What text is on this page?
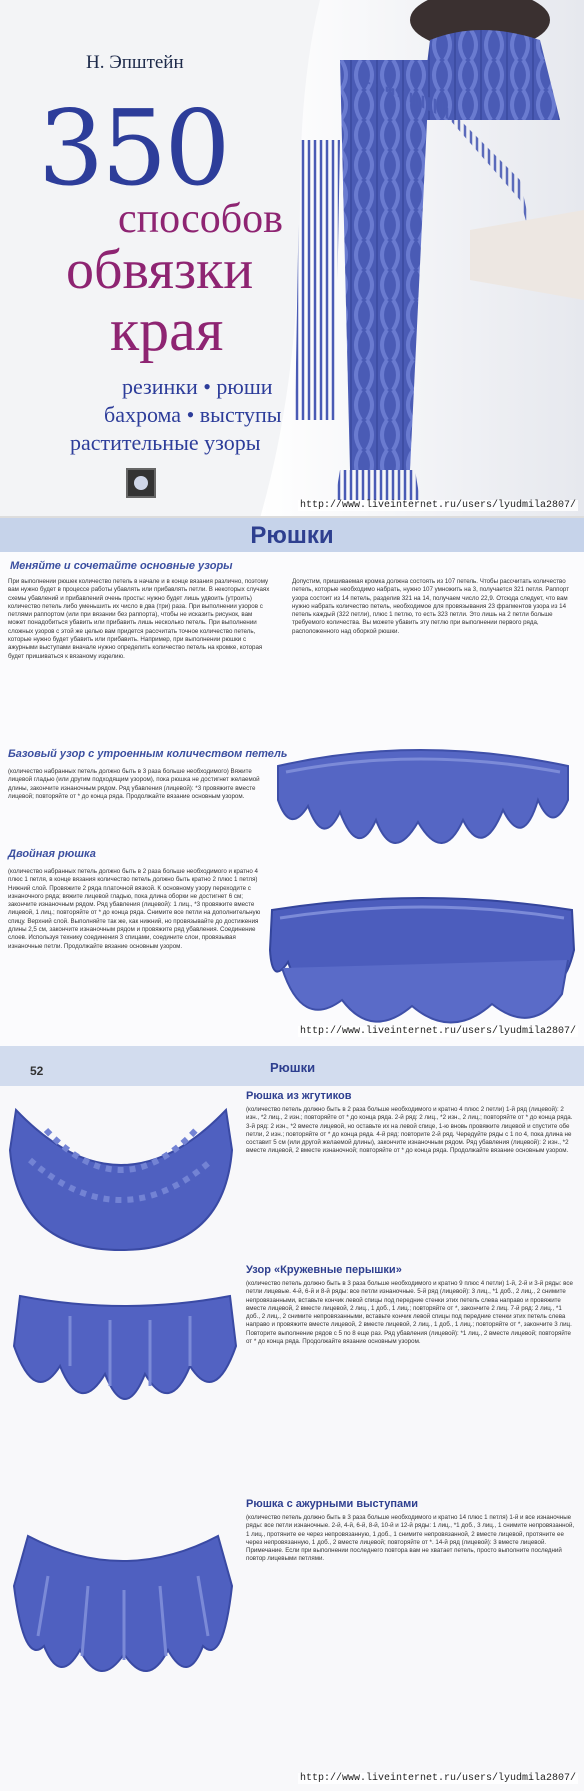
Н. Эпштейн
350
способов
обвязки
края
резинки • рюши
бахрома • выступы
растительные узоры
http://www.liveinternet.ru/users/lyudmila2807/
Рюшки
Меняйте и сочетайте основные узоры
При выполнении рюшек количество петель в начале и в конце вязания различно, поэтому вам нужно будет в процессе работы убавлять или прибавлять петли. В некоторых случаях схемы убавлений и прибавлений очень просты: нужно будет лишь удвоить (утроить) количество петель либо уменьшить их число в два (три) раза. При выполнении узоров с петлями раппортом (или при вязании без раппорта), чтобы не исказить рисунок, вам может понадобиться убавить или прибавить лишь несколько петель. При выполнении сложных узоров с этой же целью вам придется рассчитать точное количество петель, которые нужно будет убавить или прибавить. Например, при выполнении рюшки с ажурными выступами вначале нужно определить количество петель на кромке, которая будет пришиваться к вязаному изделию.
Допустим, пришиваемая кромка должна состоять из 107 петель. Чтобы рассчитать количество петель, которые необходимо набрать, нужно 107 умножить на 3, получается 321 петля. Раппорт узора состоит из 14 петель, разделив 321 на 14, получаем число 22,9. Отсюда следует, что вам нужно набрать количество петель, необходимое для провязывания 23 фрагментов узора из 14 петель каждый (322 петли), плюс 1 петлю, то есть 323 петли. Это лишь на 2 петли больше требуемого количества. Вы можете убавить эту петлю при выполнении первого ряда, расположенного над оборкой рюшки.
Базовый узор с утроенным количеством петель
(количество набранных петель должно быть в 3 раза больше необходимого) Вяжите лицевой гладью (или другим подходящим узором), пока рюшка не достигнет желаемой длины, закончите изнаночным рядом. Ряд убавления (лицевой): *3 провяжите вместе лицевой; повторяйте от * до конца ряда. Продолжайте вязание основным узором.
Двойная рюшка
(количество набранных петель должно быть в 2 раза больше необходимого и кратно 4 плюс 1 петля, в конце вязания количество петель должно быть кратно 2 плюс 1 петля) Нижний слой. Провяжите 2 ряда платочной вязкой. К основному узору переходите с изнаночного ряда; вяжите лицевой гладью, пока длина оборки не достигнет 6 см; закончите изнаночным рядом. Ряд убавления (лицевой): 1 лиц., *3 провяжите вместе лицевой, 1 лиц.; повторяйте от * до конца ряда. Снимите все петли на дополнительную спицу. Верхний слой. Выполняйте так же, как нижний, но провязывайте до достижения длины 2,5 см, закончите изнаночным рядом и провяжите ряд убавления. Соединение слоев. Используя технику соединения 3 спицами, соедините слои, провязывая изнаночные петли. Продолжайте вязание основным узором.
http://www.liveinternet.ru/users/lyudmila2807/
52	Рюшки
Рюшка из жгутиков
(количество петель должно быть в 2 раза больше необходимого и кратно 4 плюс 2 петли) 1-й ряд (лицевой): 2 изн., *2 лиц., 2 изн.; повторяйте от * до конца ряда. 2-й ряд: 2 лиц., *2 изн., 2 лиц.; повторяйте от * до конца ряда. 3-й ряд: 2 изн., *2 вместе лицевой, но оставьте их на левой спице, 1-ю вновь провяжите лицевой и спустите обе петли, 2 изн.; повторяйте от * до конца ряда. 4-й ряд: повторите 2-й ряд. Чередуйте ряды с 1 по 4, пока длина не составит 5 см (или другой желаемой длины), закончите изнаночным рядом. Ряд убавления (лицевой): 2 изн., *2 вместе лицевой, 2 вместе изнаночной; повторяйте от * до конца ряда. Продолжайте вязание основным узором.
Узор «Кружевные перышки»
(количество петель должно быть в 3 раза больше необходимого и кратно 9 плюс 4 петли) 1-й, 2-й и 3-й ряды: все петли лицевые. 4-й, 6-й и 8-й ряды: все петли изнаночные. 5-й ряд (лицевой): 3 лиц., *1 доб., 2 лиц., 2 снимите непровязанными, вставьте кончик левой спицы под передние стенки этих петель слева направо и провяжите вместе лицевой, 2 вместе лицевой, 2 лиц., 1 доб., 1 лиц.; повторяйте от *, закончите 2 лиц. 7-й ряд: 2 лиц., *1 доб., 2 лиц., 2 снимите непровязанными, вставьте кончик левой спицы под передние стенки этих петель слева направо и провяжите вместе лицевой, 2 вместе лицевой, 2 лиц., 1 доб., 1 лиц.; повторяйте от *, закончите 3 лиц. Повторите выполнение рядов с 5 по 8 еще раз. Ряд убавления (лицевой): *1 лиц., 2 вместе лицевой; повторяйте от * до конца ряда. Продолжайте вязание основным узором.
Рюшка с ажурными выступами
(количество петель должно быть в 3 раза больше необходимого и кратно 14 плюс 1 петля) 1-й и все изнаночные ряды: все петли изнаночные. 2-й, 4-й, 6-й, 8-й, 10-й и 12-й ряды: 1 лиц., *1 доб., 3 лиц., 1 снимите непровязанной, 1 лиц., протяните ее через непровязанную, 1 доб., 1 снимите непровязанной, 2 вместе лицевой, протяните ее через непровязанную, 1 доб., 2 вместе лицевой; повторяйте от *. 14-й ряд (лицевой): 3 вместе лицевой. Примечание. Если при выполнении последнего повтора вам не хватает петель, просто выполните последний повтор лицевыми петлями.
http://www.liveinternet.ru/users/lyudmila2807/
